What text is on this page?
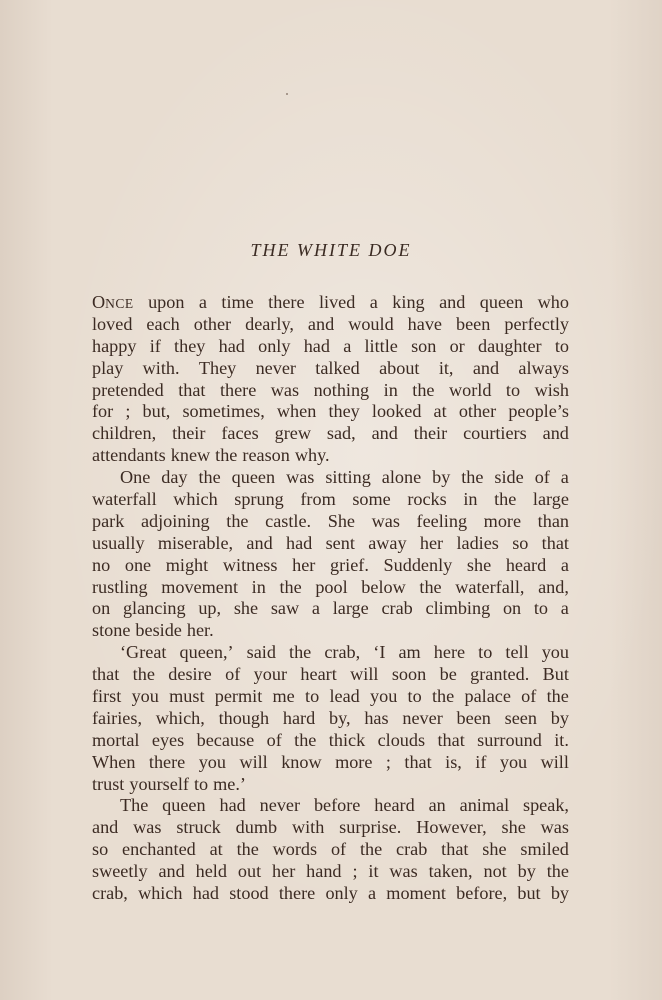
THE WHITE DOE
ONCE upon a time there lived a king and queen who
loved each other dearly, and would have been perfectly
happy if they had only had a little son or daughter to
play with. They never talked about it, and always
pretended that there was nothing in the world to wish
for ; but, sometimes, when they looked at other people’s
children, their faces grew sad, and their courtiers and
attendants knew the reason why.
One day the queen was sitting alone by the side of a
waterfall which sprung from some rocks in the large
park adjoining the castle. She was feeling more than
usually miserable, and had sent away her ladies so that
no one might witness her grief. Suddenly she heard a
rustling movement in the pool below the waterfall, and,
on glancing up, she saw a large crab climbing on to a
stone beside her.
‘Great queen,’ said the crab, ‘I am here to tell you
that the desire of your heart will soon be granted. But
first you must permit me to lead you to the palace of the
fairies, which, though hard by, has never been seen by
mortal eyes because of the thick clouds that surround it.
When there you will know more ; that is, if you will
trust yourself to me.’
The queen had never before heard an animal speak,
and was struck dumb with surprise. However, she was
so enchanted at the words of the crab that she smiled
sweetly and held out her hand ; it was taken, not by the
crab, which had stood there only a moment before, but by
